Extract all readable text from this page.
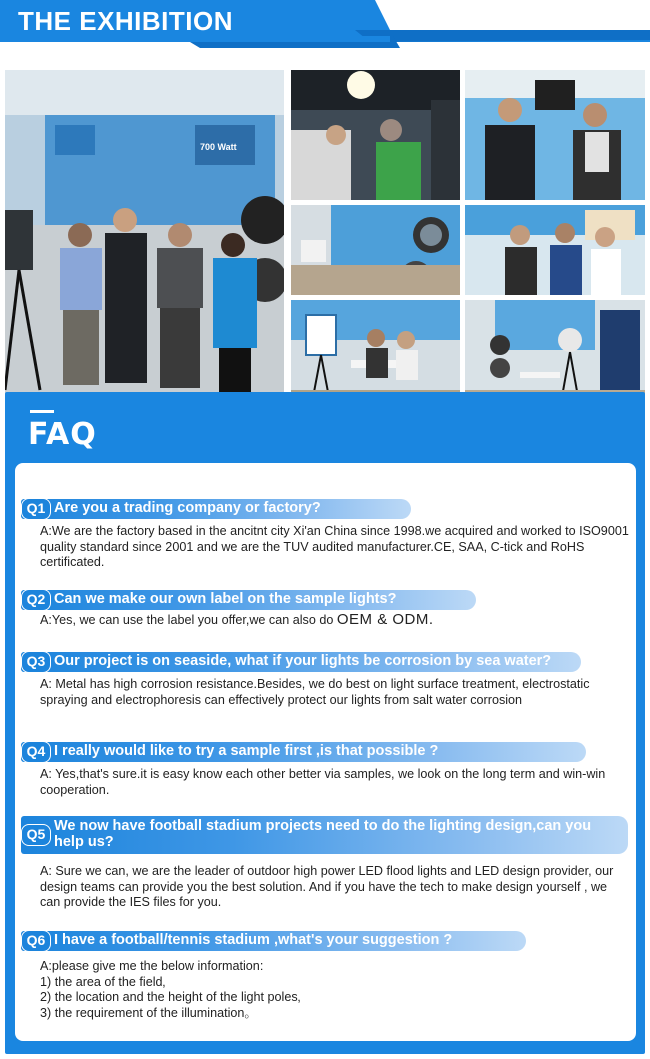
THE EXHIBITION
700 Watt
FAQ
Q1 Are you a trading company or factory?
A:We are the factory based in the ancitnt city Xi'an China since 1998.we acquired and worked to ISO9001 quality standard since 2001 and we are the TUV audited manufacturer.CE, SAA, C-tick and RoHS certificated.
Q2 Can we make our own label on the sample lights?
A:Yes, we can use the label you offer,we can also do OEM & ODM.
Q3 Our project is on seaside, what if your lights be corrosion by sea water?
A: Metal has high corrosion resistance.Besides, we do best on light surface treatment, electrostatic spraying and electrophoresis can effectively protect our lights from salt water corrosion
Q4 I really would like to try a sample first ,is that possible ?
A: Yes,that's sure.it is easy know each other better via samples, we look on the long term and win-win cooperation.
Q5 We now have football stadium projects need to do the lighting design,can you help us?
A: Sure we can, we are the leader of outdoor high power LED flood lights and LED design provider, our design teams can provide you the best solution. And if you have the tech to make design yourself , we can provide the IES files for you.
Q6 I have a football/tennis stadium ,what's your suggestion ?
A:please give me the below information:
1) the area of the field‚
2) the location and the height of the light poles‚
3) the requirement of the illumination。
